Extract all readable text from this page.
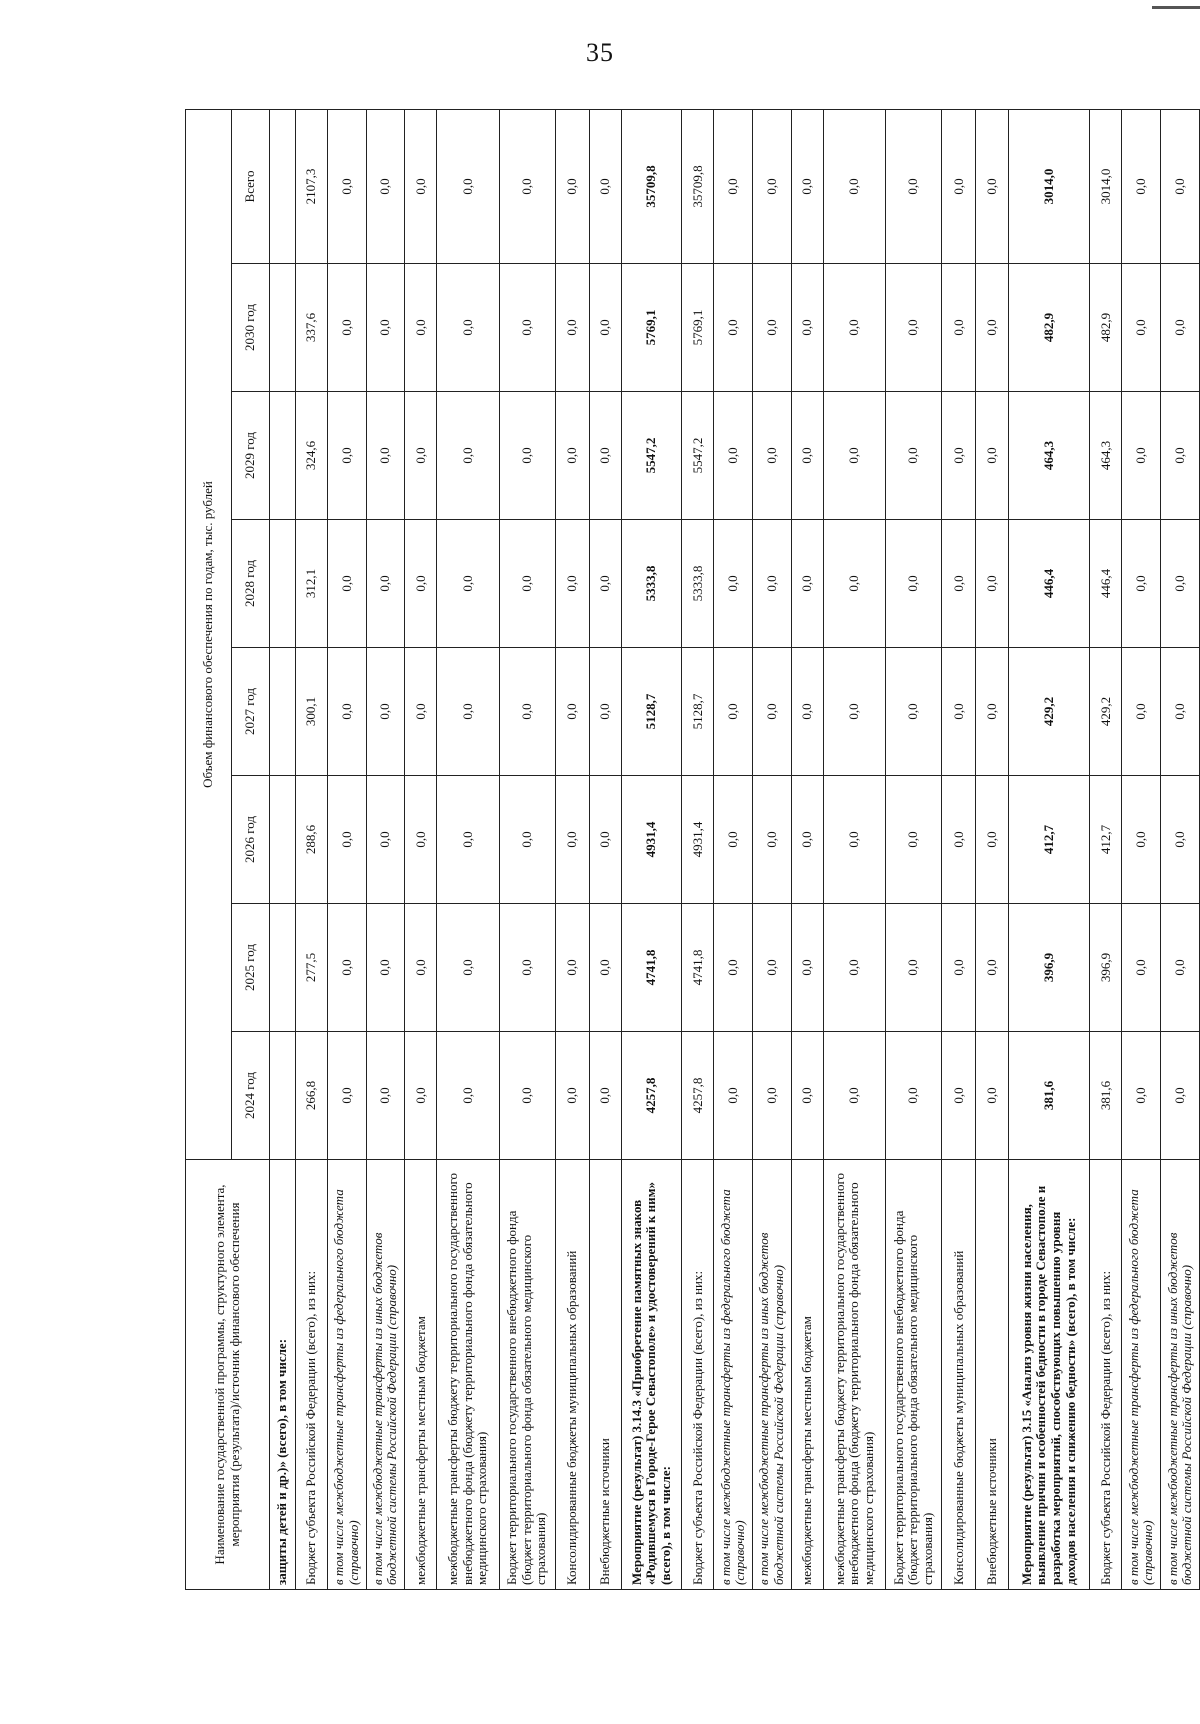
35
Наименование государственной программы, структурного элемента, мероприятия (результата)/источник финансового обеспечения	Объем финансового обеспечения по годам, тыс. рублей							
	2024 год	2025 год	2026 год	2027 год	2028 год	2029 год	2030 год	Всего
защиты детей и др.)» (всего), в том числе:								
Бюджет субъекта Российской Федерации (всего), из них:	266,8	277,5	288,6	300,1	312,1	324,6	337,6	2107,3
в том числе межбюджетные трансферты из федерального бюджета (справочно)	0,0	0,0	0,0	0,0	0,0	0,0	0,0	0,0
в том числе межбюджетные трансферты из иных бюджетов бюджетной системы Российской Федерации (справочно)	0,0	0,0	0,0	0,0	0,0	0,0	0,0	0,0
межбюджетные трансферты местным бюджетам	0,0	0,0	0,0	0,0	0,0	0,0	0,0	0,0
межбюджетные трансферты бюджету территориального государственного внебюджетного фонда (бюджету территориального фонда обязательного медицинского страхования)	0,0	0,0	0,0	0,0	0,0	0,0	0,0	0,0
Бюджет территориального государственного внебюджетного фонда (бюджет территориального фонда обязательного медицинского страхования)	0,0	0,0	0,0	0,0	0,0	0,0	0,0	0,0
Консолидированные бюджеты муниципальных образований	0,0	0,0	0,0	0,0	0,0	0,0	0,0	0,0
Внебюджетные источники	0,0	0,0	0,0	0,0	0,0	0,0	0,0	0,0
Мероприятие (результат) 3.14.3 «Приобретение памятных знаков «Родившемуся в Городе-Герое Севастополе» и удостоверений к ним» (всего), в том числе:	4257,8	4741,8	4931,4	5128,7	5333,8	5547,2	5769,1	35709,8
Бюджет субъекта Российской Федерации (всего), из них:	4257,8	4741,8	4931,4	5128,7	5333,8	5547,2	5769,1	35709,8
в том числе межбюджетные трансферты из федерального бюджета (справочно)	0,0	0,0	0,0	0,0	0,0	0,0	0,0	0,0
в том числе межбюджетные трансферты из иных бюджетов бюджетной системы Российской Федерации (справочно)	0,0	0,0	0,0	0,0	0,0	0,0	0,0	0,0
межбюджетные трансферты местным бюджетам	0,0	0,0	0,0	0,0	0,0	0,0	0,0	0,0
межбюджетные трансферты бюджету территориального государственного внебюджетного фонда (бюджету территориального фонда обязательного медицинского страхования)	0,0	0,0	0,0	0,0	0,0	0,0	0,0	0,0
Бюджет территориального государственного внебюджетного фонда (бюджет территориального фонда обязательного медицинского страхования)	0,0	0,0	0,0	0,0	0,0	0,0	0,0	0,0
Консолидированные бюджеты муниципальных образований	0,0	0,0	0,0	0,0	0,0	0,0	0,0	0,0
Внебюджетные источники	0,0	0,0	0,0	0,0	0,0	0,0	0,0	0,0
Мероприятие (результат) 3.15 «Анализ уровня жизни населения, выявление причин и особенностей бедности в городе Севастополе и разработка мероприятий, способствующих повышению уровня доходов населения и снижению бедности» (всего), в том числе:	381,6	396,9	412,7	429,2	446,4	464,3	482,9	3014,0
Бюджет субъекта Российской Федерации (всего), из них:	381,6	396,9	412,7	429,2	446,4	464,3	482,9	3014,0
в том числе межбюджетные трансферты из федерального бюджета (справочно)	0,0	0,0	0,0	0,0	0,0	0,0	0,0	0,0
в том числе межбюджетные трансферты из иных бюджетов бюджетной системы Российской Федерации (справочно)	0,0	0,0	0,0	0,0	0,0	0,0	0,0	0,0
